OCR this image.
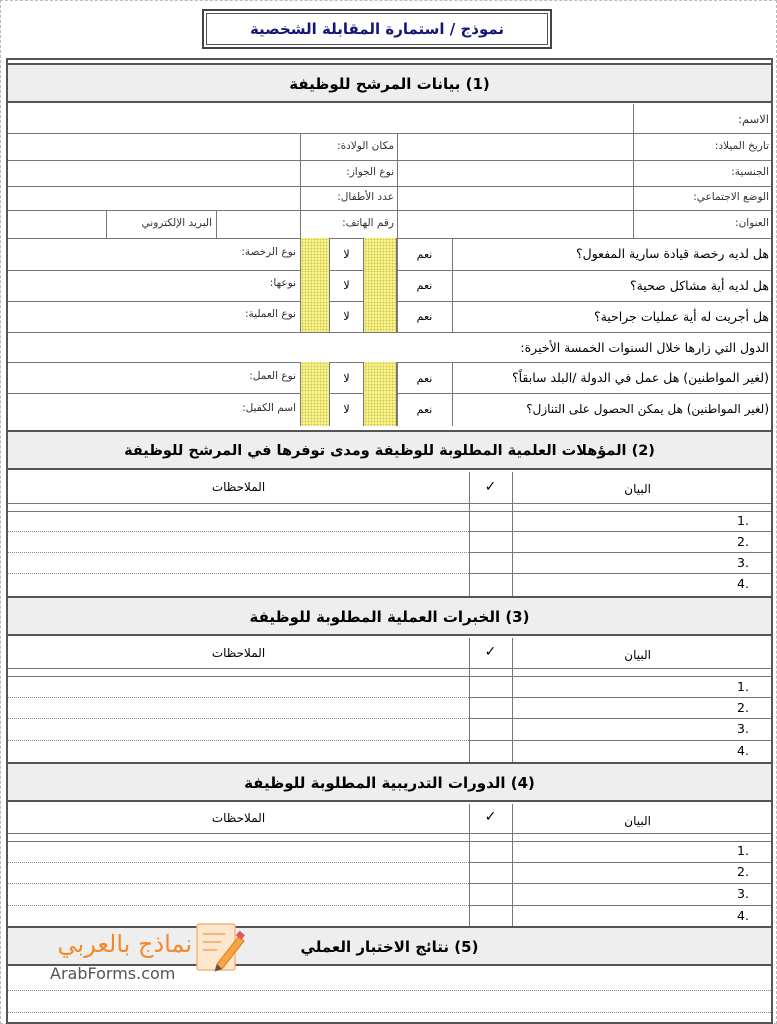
نموذج / استمارة المقابلة الشخصية
(1) بيانات المرشح للوظيفة
الاسم:
تاريخ الميلاد:
مكان الولادة:
الجنسية:
نوع الجواز:
الوضع الاجتماعي:
عدد الأطفال:
العنوان:
رقم الهاتف:
البريد الإلكتروني
هل لديه رخصة قيادة سارية المفعول؟
نعم
لا
نوع الرخصة:
هل لديه أية مشاكل صحية؟
نعم
لا
نوعها:
هل أجريت له أية عمليات جراحية؟
نعم
لا
نوع العملية:
الدول التي زارها خلال السنوات الخمسة الأخيرة:
(لغير المواطنين) هل عمل في الدولة /البلد سابقاً؟
نعم
لا
نوع العمل:
(لغير المواطنين) هل يمكن الحصول على التنازل؟
نعم
لا
اسم الكفيل:
(2) المؤهلات العلمية المطلوبة للوظيفة ومدى توفرها في المرشح للوظيفة
البيان
✓
الملاحظات
1.
2.
3.
4.
(3) الخبرات العملية المطلوبة للوظيفة
البيان
✓
الملاحظات
1.
2.
3.
4.
(4) الدورات التدريبية المطلوبة للوظيفة
البيان
✓
الملاحظات
1.
2.
3.
4.
(5) نتائج الاختبار العملي
نماذج بالعربي
ArabForms.com
